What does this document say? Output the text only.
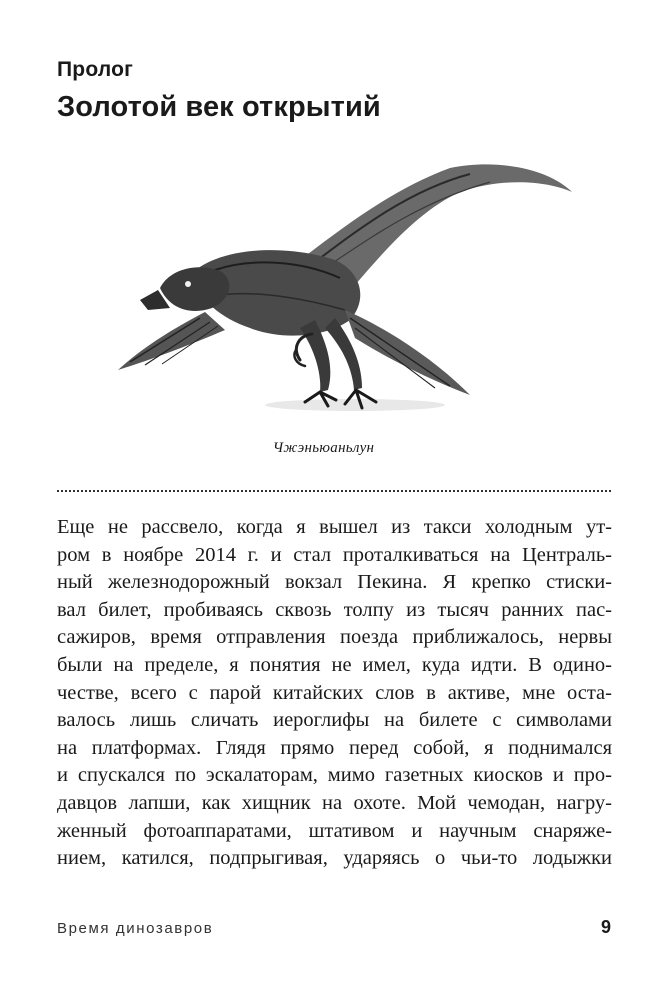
Пролог
Золотой век открытий
Чжэньюаньлун
Еще не рассвело, когда я вышел из такси холодным ут-
ром в ноябре 2014 г. и стал проталкиваться на Централь-
ный железнодорожный вокзал Пекина. Я крепко стиски-
вал билет, пробиваясь сквозь толпу из тысяч ранних пас-
сажиров, время отправления поезда приближалось, нервы
были на пределе, я понятия не имел, куда идти. В одино-
честве, всего с парой китайских слов в активе, мне оста-
валось лишь сличать иероглифы на билете с символами
на платформах. Глядя прямо перед собой, я поднимался
и спускался по эскалаторам, мимо газетных киосков и про-
давцов лапши, как хищник на охоте. Мой чемодан, нагру-
женный фотоаппаратами, штативом и научным снаряже-
нием, катился, подпрыгивая, ударяясь о чьи-то лодыжки
Время динозавров	9
